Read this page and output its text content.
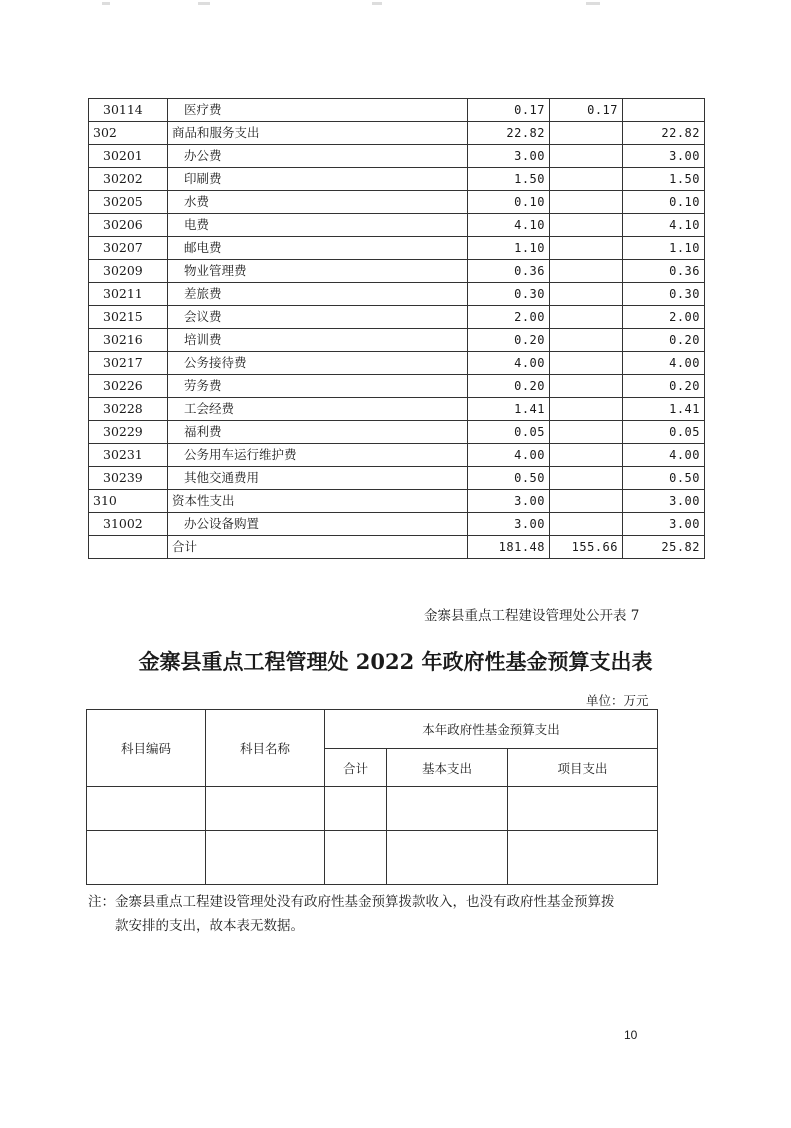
30114	医疗费	0.17	0.17	
302	商品和服务支出	22.82		22.82
30201	办公费	3.00		3.00
30202	印刷费	1.50		1.50
30205	水费	0.10		0.10
30206	电费	4.10		4.10
30207	邮电费	1.10		1.10
30209	物业管理费	0.36		0.36
30211	差旅费	0.30		0.30
30215	会议费	2.00		2.00
30216	培训费	0.20		0.20
30217	公务接待费	4.00		4.00
30226	劳务费	0.20		0.20
30228	工会经费	1.41		1.41
30229	福利费	0.05		0.05
30231	公务用车运行维护费	4.00		4.00
30239	其他交通费用	0.50		0.50
310	资本性支出	3.00		3.00
31002	办公设备购置	3.00		3.00
	合计	181.48	155.66	25.82
金寨县重点工程建设管理处公开表 7
金寨县重点工程管理处 2022 年政府性基金预算支出表
单位：万元
科目编码	科目名称	本年政府性基金预算支出		
		合计	基本支出	项目支出

注：金寨县重点工程建设管理处没有政府性基金预算拨款收入，也没有政府性基金预算拨
款安排的支出，故本表无数据。
10
